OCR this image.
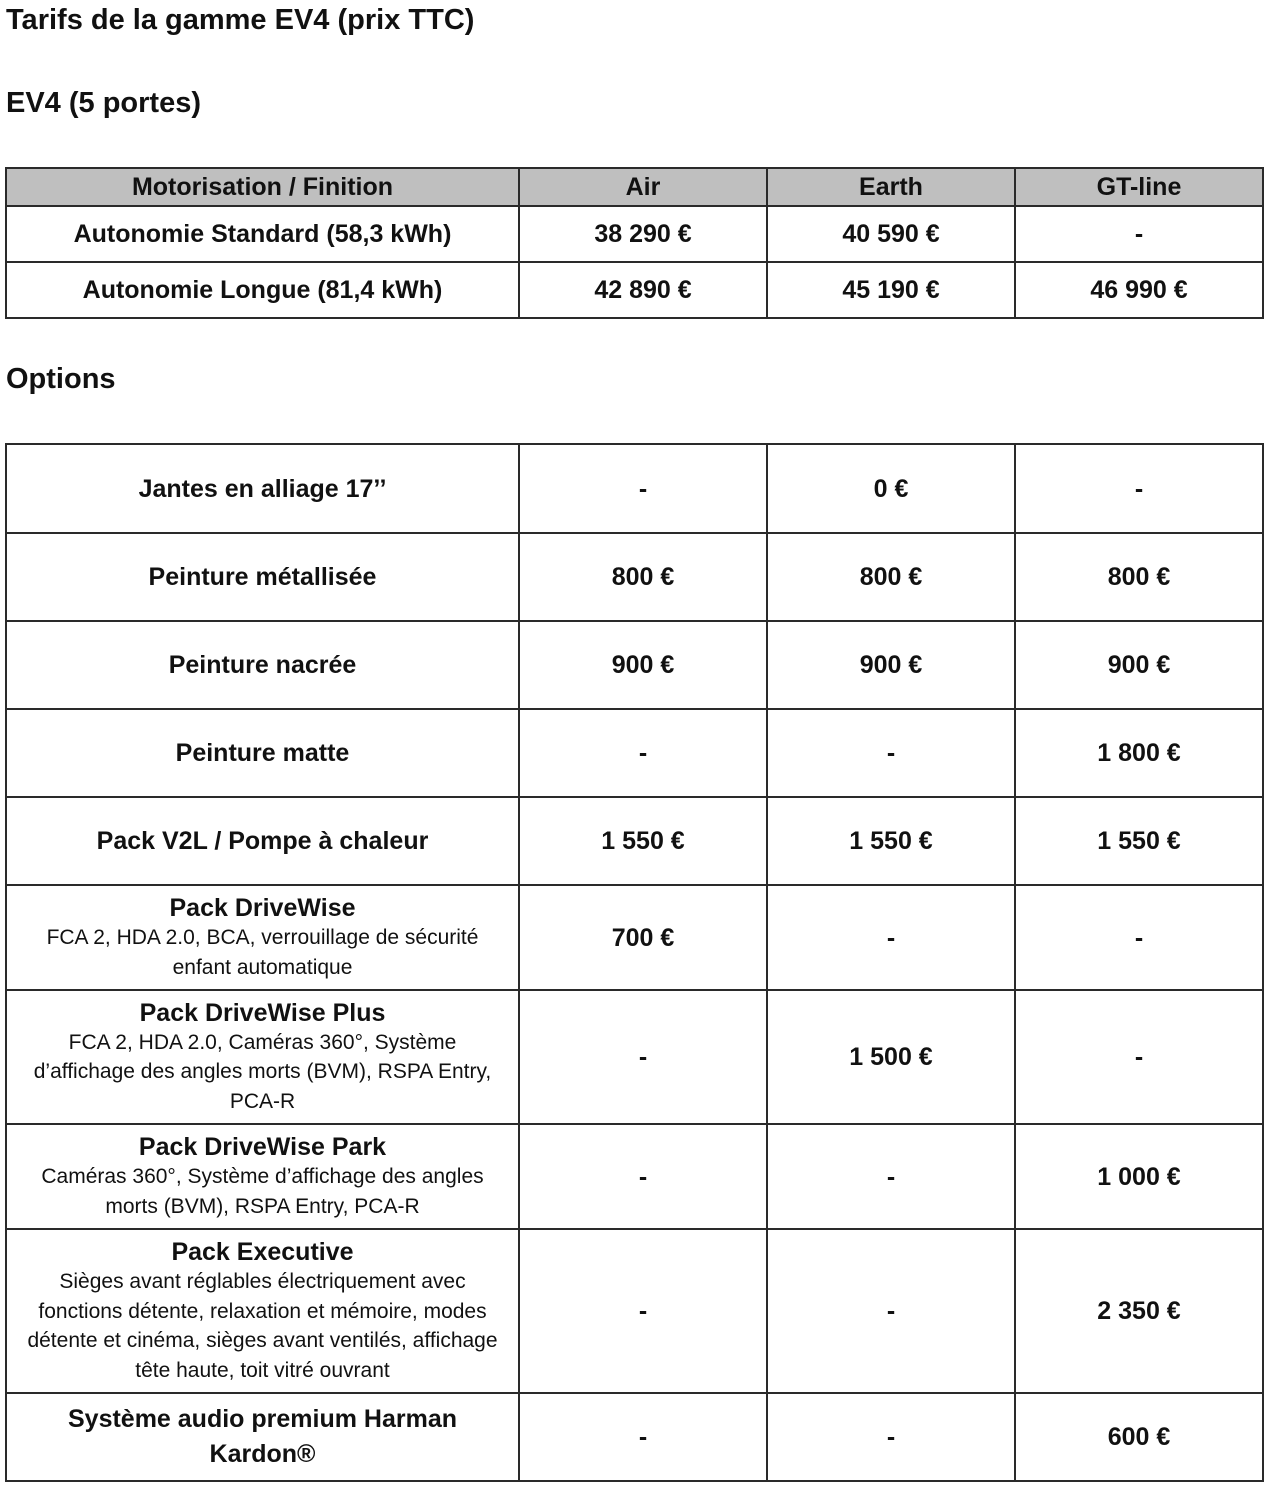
Tarifs de la gamme EV4 (prix TTC)
EV4 (5 portes)
Motorisation / Finition	Air	Earth	GT-line
Autonomie Standard (58,3 kWh)	38 290 €	40 590 €	-
Autonomie Longue (81,4 kWh)	42 890 €	45 190 €	46 990 €
Options
Jantes en alliage 17’’	-	0 €	-

Peinture métallisée	800 €	800 €	800 €

Peinture nacrée	900 €	900 €	900 €

Peinture matte	-	-	1 800 €

Pack V2L / Pompe à chaleur	1 550 €	1 550 €	1 550 €

Pack DriveWise
FCA 2, HDA 2.0, BCA, verrouillage de sécurité enfant automatique	700 €	-	-

Pack DriveWise Plus
FCA 2, HDA 2.0, Caméras 360°, Système d’affichage des angles morts (BVM), RSPA Entry, PCA-R	-	1 500 €	-

Pack DriveWise Park
Caméras 360°, Système d’affichage des angles morts (BVM), RSPA Entry, PCA-R	-	-	1 000 €

Pack Executive
Sièges avant réglables électriquement avec fonctions détente, relaxation et mémoire, modes détente et cinéma, sièges avant ventilés, affichage tête haute, toit vitré ouvrant	-	-	2 350 €

Système audio premium Harman Kardon®	-	-	600 €
